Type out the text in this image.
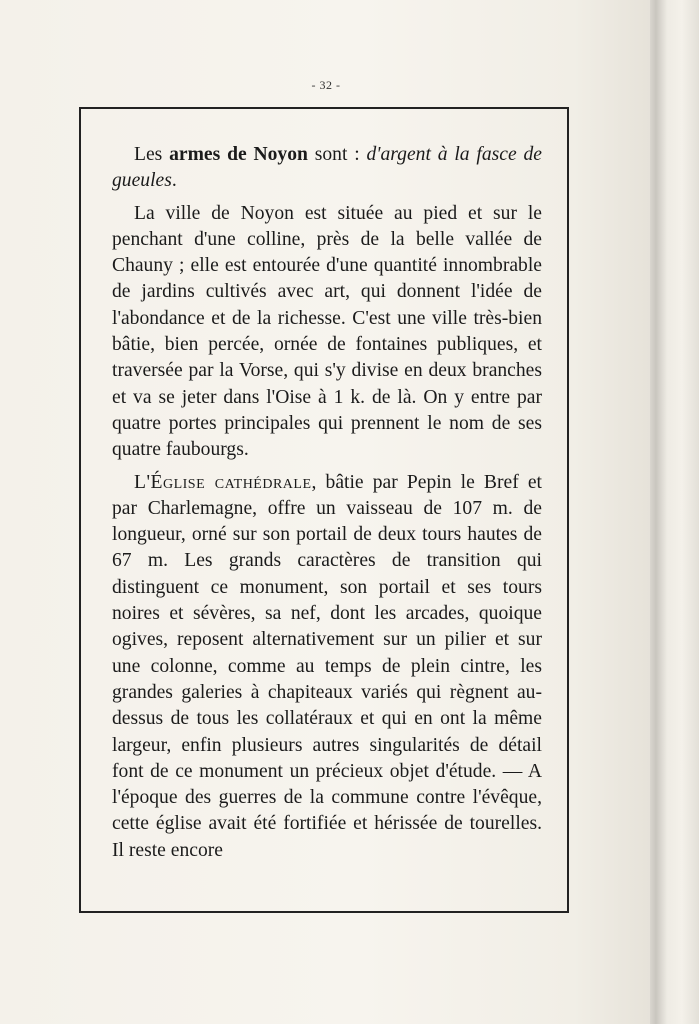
- 32 -

Les armes de Noyon sont : d'argent à la fasce de gueules.

La ville de Noyon est située au pied et sur le penchant d'une colline, près de la belle vallée de Chauny ; elle est entourée d'une quantité innombrable de jardins cultivés avec art, qui donnent l'idée de l'abondance et de la richesse. C'est une ville très-bien bâtie, bien percée, ornée de fontaines publiques, et traversée par la Vorse, qui s'y divise en deux branches et va se jeter dans l'Oise à 1 k. de là. On y entre par quatre portes principales qui prennent le nom de ses quatre faubourgs.

L'Église cathédrale, bâtie par Pepin le Bref et par Charlemagne, offre un vaisseau de 107 m. de longueur, orné sur son portail de deux tours hautes de 67 m. Les grands caractères de transition qui distinguent ce monument, son portail et ses tours noires et sévères, sa nef, dont les arcades, quoique ogives, reposent alternativement sur un pilier et sur une colonne, comme au temps de plein cintre, les grandes galeries à chapiteaux variés qui règnent au-dessus de tous les collatéraux et qui en ont la même largeur, enfin plusieurs autres singularités de détail font de ce monument un précieux objet d'étude. — A l'époque des guerres de la commune contre l'évêque, cette église avait été fortifiée et hérissée de tourelles. Il reste encore
